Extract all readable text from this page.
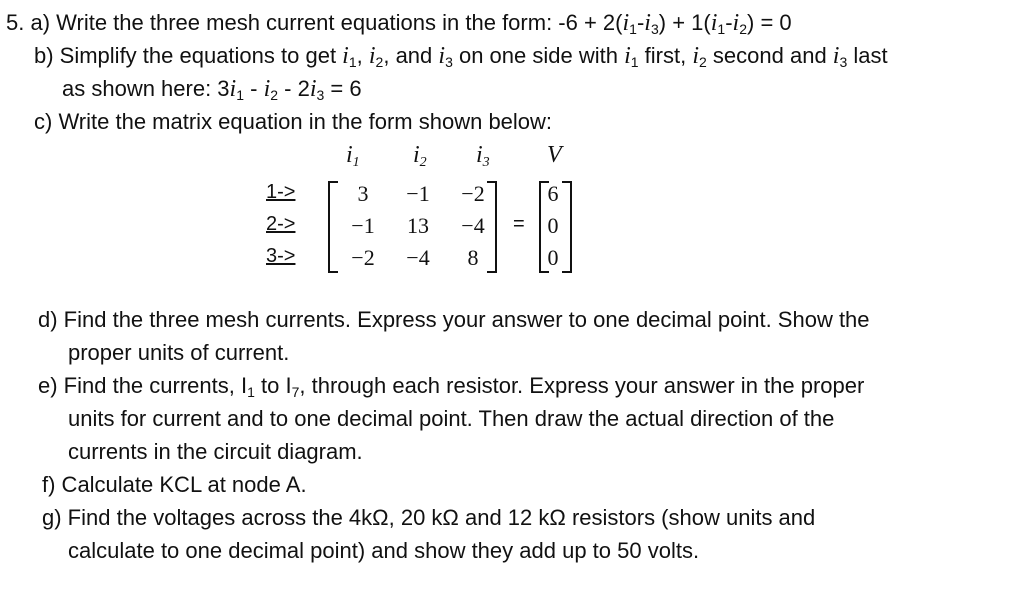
5. a) Write the three mesh current equations in the form: $-6 + 2(i_1-i_3) + 1(i_1-i_2) = 0$
b) Simplify the equations to get $i_1$, $i_2$, and $i_3$ on one side with $i_1$ first, $i_2$ second and $i_3$ last
as shown here: $3i_1 - i_2 - 2i_3 = 6$
c) Write the matrix equation in the form shown below:
$i_1$ $i_2$ $i_3$ V
1->
2->
3->
3	−1	−2
−1	13	−4
−2	−4	8
=
6
0
0
d) Find the three mesh currents. Express your answer to one decimal point. Show the
proper units of current.
e) Find the currents, $I_1$ to $I_7$, through each resistor. Express your answer in the proper
units for current and to one decimal point. Then draw the actual direction of the
currents in the circuit diagram.
f) Calculate KCL at node A.
g) Find the voltages across the 4kΩ, 20 kΩ and 12 kΩ resistors (show units and
calculate to one decimal point) and show they add up to 50 volts.
